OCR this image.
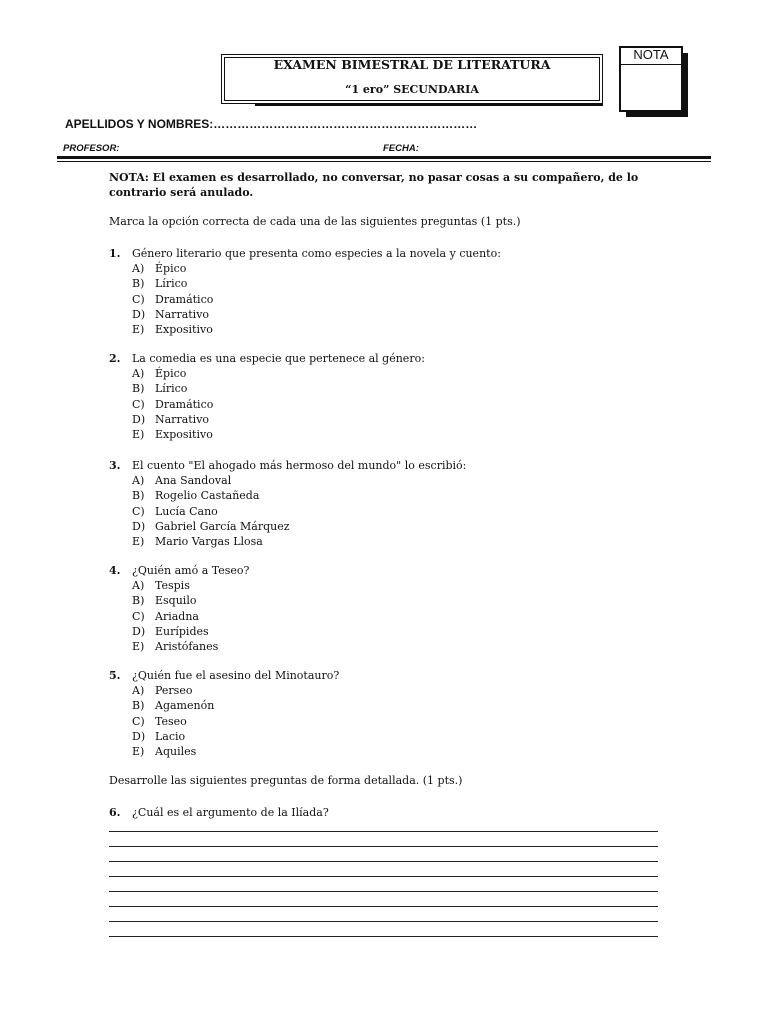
EXAMEN BIMESTRAL DE LITERATURA
“1 ero” SECUNDARIA
NOTA
APELLIDOS Y NOMBRES:…………………………………………………………
PROFESOR:	FECHA:
NOTA: El examen es desarrollado, no conversar, no pasar cosas a su compañero, de lo contrario será anulado.
Marca la opción correcta de cada una de las siguientes preguntas (1 pts.)
1. Género literario que presenta como especies a la novela y cuento:
A) Épico
B) Lírico
C) Dramático
D) Narrativo
E) Expositivo
2. La comedia es una especie que pertenece al género:
A) Épico
B) Lírico
C) Dramático
D) Narrativo
E) Expositivo
3. El cuento "El ahogado más hermoso del mundo" lo escribió:
A) Ana Sandoval
B) Rogelio Castañeda
C) Lucía Cano
D) Gabriel García Márquez
E) Mario Vargas Llosa
4. ¿Quién amó a Teseo?
A) Tespis
B) Esquilo
C) Ariadna
D) Eurípides
E) Aristófanes
5. ¿Quién fue el asesino del Minotauro?
A) Perseo
B) Agamenón
C) Teseo
D) Lacio
E) Aquiles
Desarrolle las siguientes preguntas de forma detallada. (1 pts.)
6. ¿Cuál es el argumento de la Ilíada?
